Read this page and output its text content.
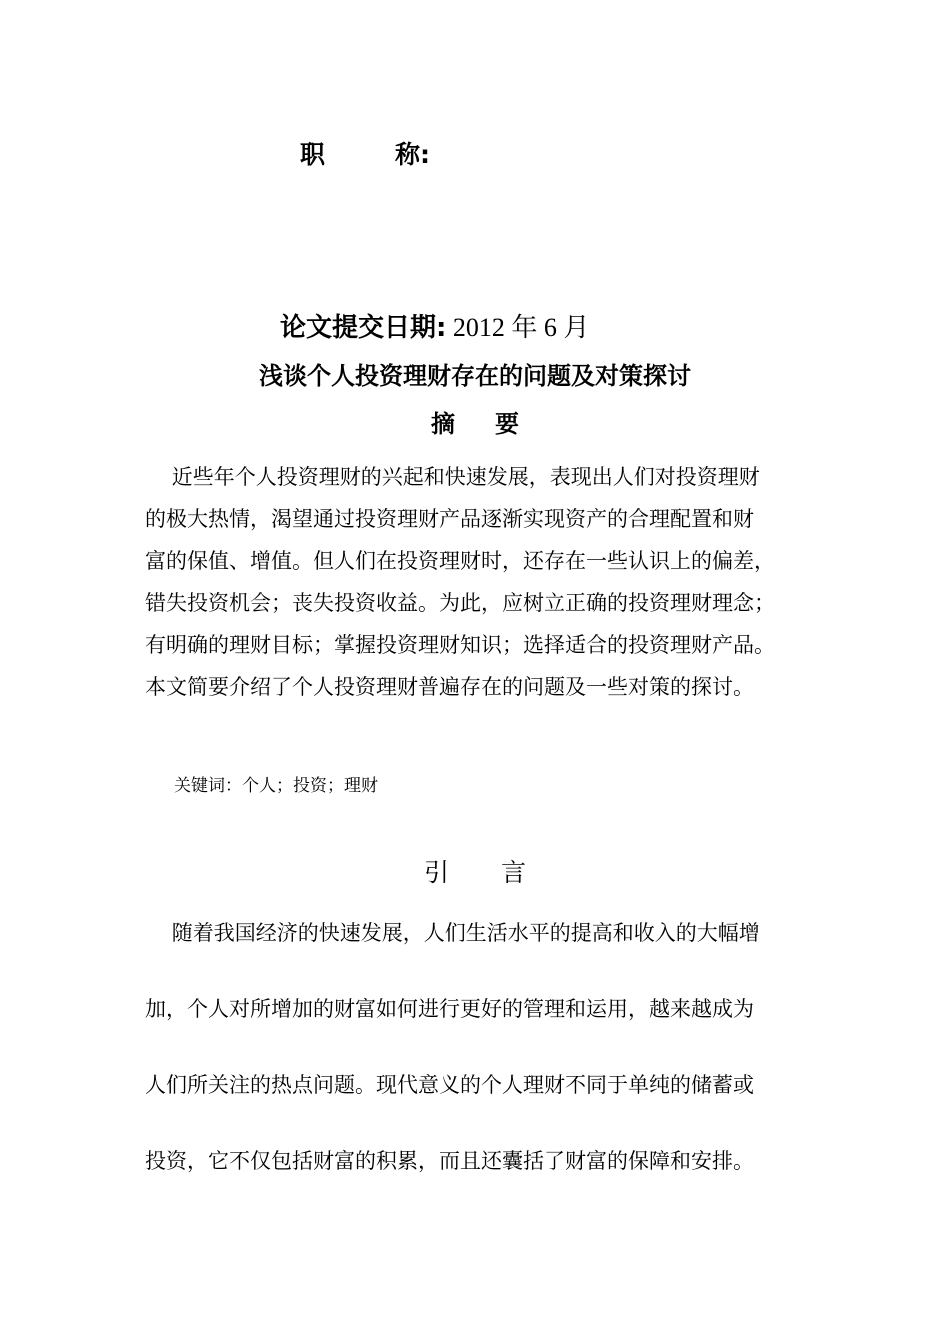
职	称:
论文提交日期: 2012 年 6 月
浅谈个人投资理财存在的问题及对策探讨
摘 要
近些年个人投资理财的兴起和快速发展，表现出人们对投资理财
的极大热情，渴望通过投资理财产品逐渐实现资产的合理配置和财
富的保值、增值。但人们在投资理财时，还存在一些认识上的偏差，
错失投资机会；丧失投资收益。为此，应树立正确的投资理财理念；
有明确的理财目标；掌握投资理财知识；选择适合的投资理财产品。
本文简要介绍了个人投资理财普遍存在的问题及一些对策的探讨。
关键词：个人；投资；理财
引 言
随着我国经济的快速发展，人们生活水平的提高和收入的大幅增
加，个人对所增加的财富如何进行更好的管理和运用，越来越成为
人们所关注的热点问题。现代意义的个人理财不同于单纯的储蓄或
投资，它不仅包括财富的积累，而且还囊括了财富的保障和安排。
